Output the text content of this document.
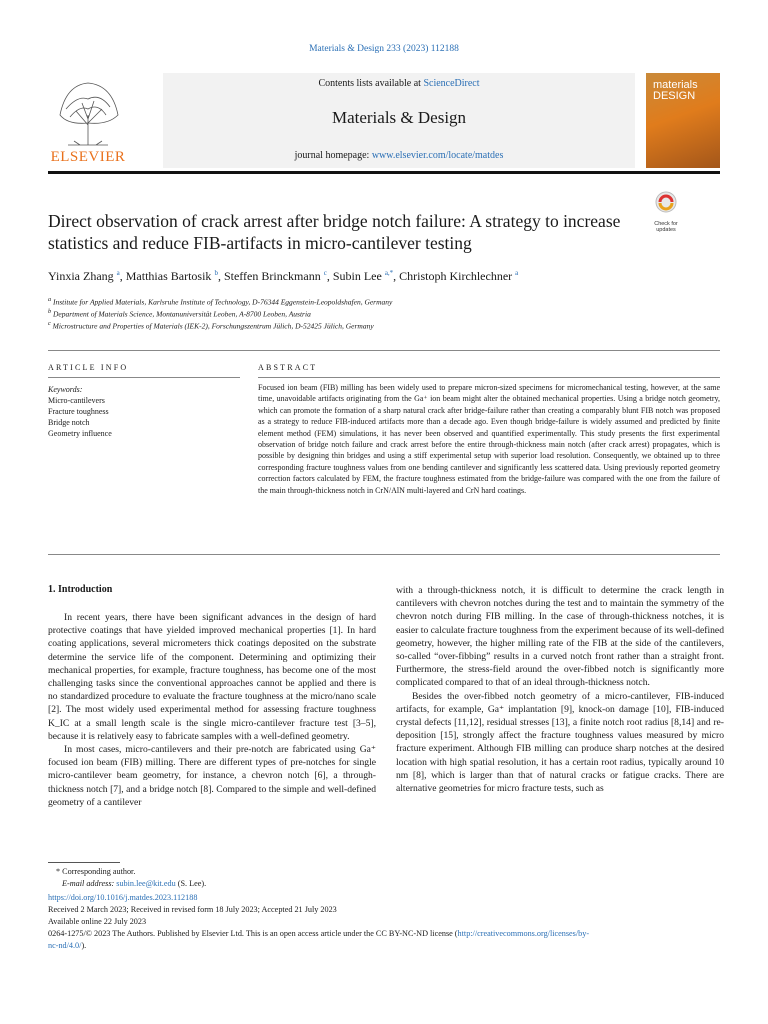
Materials & Design 233 (2023) 112188
Contents lists available at ScienceDirect
Materials & Design
journal homepage: www.elsevier.com/locate/matdes
ELSEVIER
materials DESIGN
Direct observation of crack arrest after bridge notch failure: A strategy to increase statistics and reduce FIB-artifacts in micro-cantilever testing
Check for updates
Yinxia Zhang $^a$, Matthias Bartosik $^b$, Steffen Brinckmann $^c$, Subin Lee $^{a,*}$, Christoph Kirchlechner $^a$
$^a$ Institute for Applied Materials, Karlsruhe Institute of Technology, D-76344 Eggenstein-Leopoldshafen, Germany
$^b$ Department of Materials Science, Montanuniversität Leoben, A-8700 Leoben, Austria
$^c$ Microstructure and Properties of Materials (IEK-2), Forschungszentrum Jülich, D-52425 Jülich, Germany
ARTICLE INFO	ABSTRACT
Keywords:
Micro-cantilevers
Fracture toughness
Bridge notch
Geometry influence
Focused ion beam (FIB) milling has been widely used to prepare micron-sized specimens for micromechanical testing, however, at the same time, unavoidable artifacts originating from the Ga⁺ ion beam might alter the obtained mechanical properties. Using a bridge notch geometry, which can promote the formation of a sharp natural crack after bridge-failure rather than creating a comparably blunt FIB notch was proposed as a strategy to reduce FIB-induced artifacts more than a decade ago. Even though bridge-failure is widely assumed and predicted by finite element method (FEM) simulations, it has never been observed and quantified experimentally. This study presents the first experimental observation of bridge notch failure and crack arrest before the entire through-thickness main notch (after crack arrest) propagates, which is possible by designing thin bridges and using a stiff experimental setup with superior load resolution. Consequently, we obtained up to three corresponding fracture toughness values from one bending cantilever and significantly less scattered data. Using previously reported geometry correction factors calculated by FEM, the fracture toughness estimated from the bridge-failure was compared with the one from the failure of the main through-thickness notch in CrN/AlN multi-layered and CrN hard coatings.
1. Introduction

In recent years, there have been significant advances in the design of hard protective coatings that have yielded improved mechanical properties [1]. In hard coating applications, several micrometers thick coatings deposited on the substrate determine the service life of the component. Determining and optimizing their mechanical properties, for example, fracture toughness, has become one of the most challenging tasks since the conventional approaches cannot be applied and there is no standardized procedure to evaluate the fracture toughness at the micro/nano scale [2]. The most widely used experimental method for assessing fracture toughness K_IC at a small length scale is the single micro-cantilever fracture test [3–5], because it is relatively easy to fabricate samples with a well-defined geometry.

In most cases, micro-cantilevers and their pre-notch are fabricated using Ga⁺ focused ion beam (FIB) milling. There are different types of pre-notches for single micro-cantilever beam geometry, for instance, a chevron notch [6], a through-thickness notch [7], and a bridge notch [8]. Compared to the simple and well-defined geometry of a cantilever

with a through-thickness notch, it is difficult to determine the crack length in cantilevers with chevron notches during the test and to maintain the symmetry of the chevron notch during FIB milling. In the case of through-thickness notches, it is easier to calculate fracture toughness from the experiment because of its well-defined geometry, however, the higher milling rate of the FIB at the side of the cantilevers, so-called “over-fibbing” results in a curved notch front rather than a straight front. Furthermore, the stress-field around the over-fibbed notch is significantly more complicated compared to that of an ideal through-thickness notch.

Besides the over-fibbed notch geometry of a micro-cantilever, FIB-induced artifacts, for example, Ga⁺ implantation [9], knock-on damage [10], FIB-induced crystal defects [11,12], residual stresses [13], a finite notch root radius [8,14] and re-deposition [15], strongly affect the fracture toughness values measured by micro fracture experiment. Although FIB milling can produce sharp notches at the desired location with high spatial resolution, it has a certain root radius, typically around 10 nm [8], which is larger than that of natural cracks or fatigue cracks. There are alternative geometries for micro fracture tests, such as

* Corresponding author.
E-mail address: subin.lee@kit.edu (S. Lee).
https://doi.org/10.1016/j.matdes.2023.112188
Received 2 March 2023; Received in revised form 18 July 2023; Accepted 21 July 2023
Available online 22 July 2023
0264-1275/© 2023 The Authors. Published by Elsevier Ltd. This is an open access article under the CC BY-NC-ND license (http://creativecommons.org/licenses/by-
nc-nd/4.0/).
